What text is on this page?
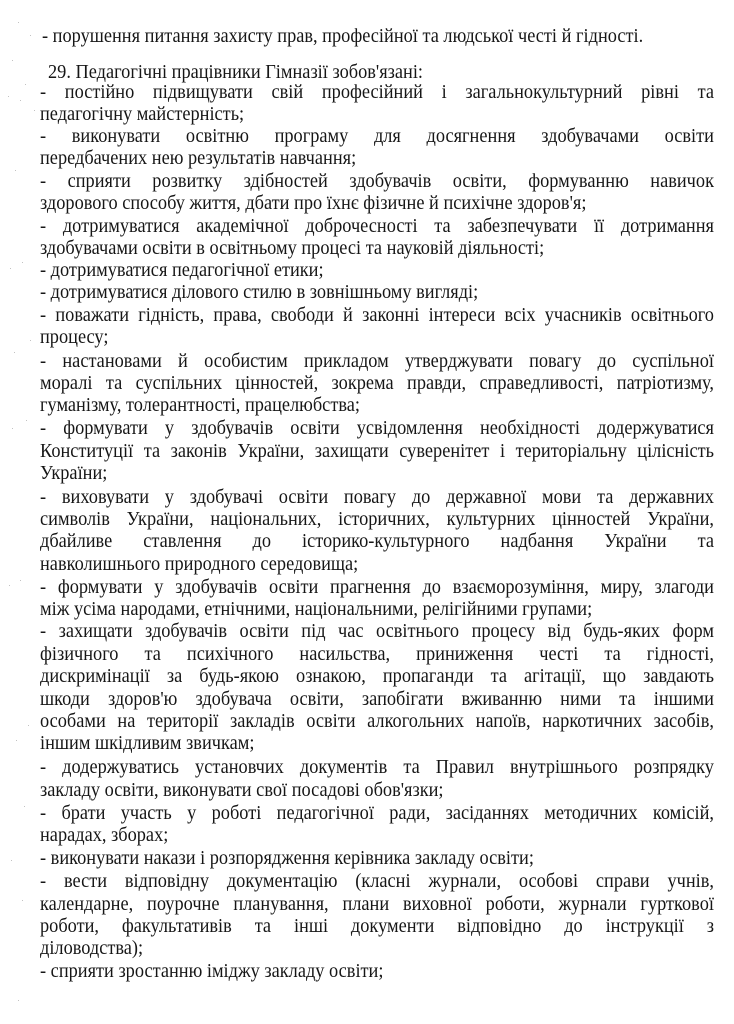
- порушення питання захисту прав, професійної та людської честі й гідності.
29. Педагогічні працівники Гімназії зобов'язані:
- постійно підвищувати свій професійний і загальнокультурний рівні та
педагогічну майстерність;
- виконувати освітню програму для досягнення здобувачами освіти
передбачених нею результатів навчання;
- сприяти розвитку здібностей здобувачів освіти, формуванню навичок
здорового способу життя, дбати про їхнє фізичне й психічне здоров'я;
- дотримуватися академічної доброчесності та забезпечувати її дотримання
здобувачами освіти в освітньому процесі та науковій діяльності;
- дотримуватися педагогічної етики;
- дотримуватися ділового стилю в зовнішньому вигляді;
- поважати гідність, права, свободи й законні інтереси всіх учасників освітнього
процесу;
- настановами й особистим прикладом утверджувати повагу до суспільної
моралі та суспільних цінностей, зокрема правди, справедливості, патріотизму,
гуманізму, толерантності, працелюбства;
- формувати у здобувачів освіти усвідомлення необхідності додержуватися
Конституції та законів України, захищати суверенітет і територіальну цілісність
України;
- виховувати у здобувачі освіти повагу до державної мови та державних
символів України, національних, історичних, культурних цінностей України,
дбайливе ставлення до історико-культурного надбання України та
навколишнього природного середовища;
- формувати у здобувачів освіти прагнення до взаєморозуміння, миру, злагоди
між усіма народами, етнічними, національними, релігійними групами;
- захищати здобувачів освіти під час освітнього процесу від будь-яких форм
фізичного та психічного насильства, приниження честі та гідності,
дискримінації за будь-якою ознакою, пропаганди та агітації, що завдають
шкоди здоров'ю здобувача освіти, запобігати вживанню ними та іншими
особами на території закладів освіти алкогольних напоїв, наркотичних засобів,
іншим шкідливим звичкам;
- додержуватись установчих документів та Правил внутрішнього розпрядку
закладу освіти, виконувати свої посадові обов'язки;
- брати участь у роботі педагогічної ради, засіданнях методичних комісій,
нарадах, зборах;
- виконувати накази і розпорядження керівника закладу освіти;
- вести відповідну документацію (класні журнали, особові справи учнів,
календарне, поурочне планування, плани виховної роботи, журнали гурткової
роботи, факультативів та інші документи відповідно до інструкції з
діловодства);
- сприяти зростанню іміджу закладу освіти;
